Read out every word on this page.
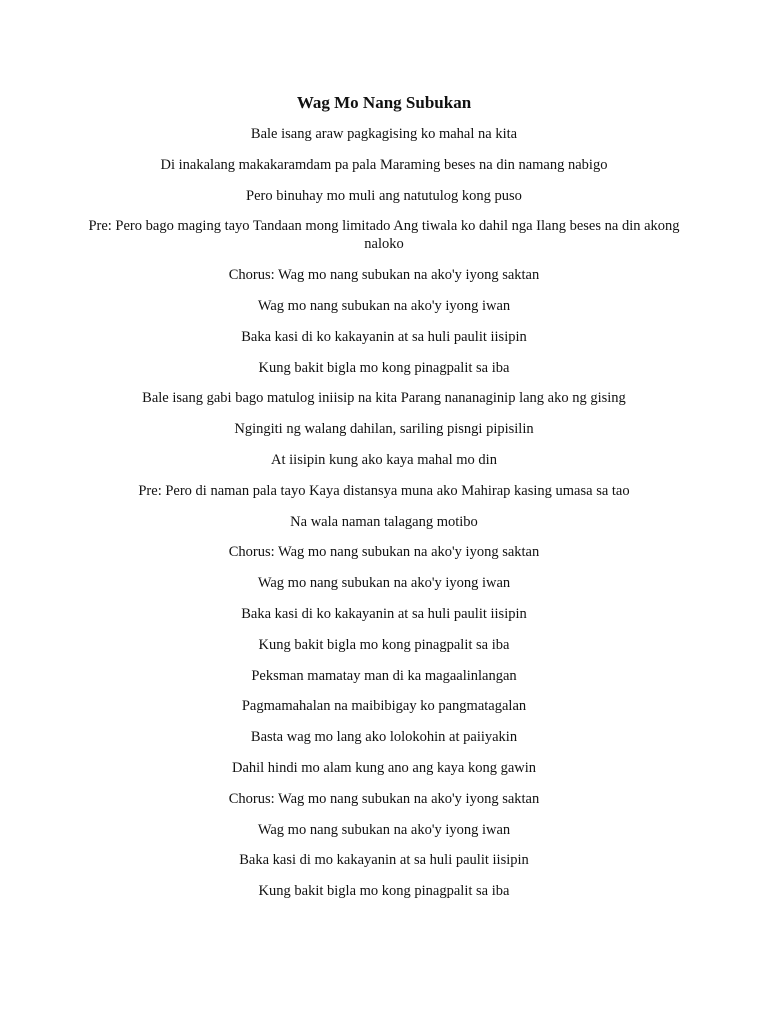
Wag Mo Nang Subukan
Bale isang araw pagkagising ko mahal na kita
Di inakalang makakaramdam pa pala Maraming beses na din namang nabigo
Pero binuhay mo muli ang natutulog kong puso
Pre: Pero bago maging tayo Tandaan mong limitado Ang tiwala ko dahil nga Ilang beses na din akong naloko
Chorus: Wag mo nang subukan na ako'y iyong saktan
Wag mo nang subukan na ako'y iyong iwan
Baka kasi di ko kakayanin at sa huli paulit iisipin
Kung bakit bigla mo kong pinagpalit sa iba
Bale isang gabi bago matulog iniisip na kita Parang nananaginip lang ako ng gising
Ngingiti ng walang dahilan, sariling pisngi pipisilin
At iisipin kung ako kaya mahal mo din
Pre: Pero di naman pala tayo Kaya distansya muna ako Mahirap kasing umasa sa tao
Na wala naman talagang motibo
Chorus: Wag mo nang subukan na ako'y iyong saktan
Wag mo nang subukan na ako'y iyong iwan
Baka kasi di ko kakayanin at sa huli paulit iisipin
Kung bakit bigla mo kong pinagpalit sa iba
Peksman mamatay man di ka magaalinlangan
Pagmamahalan na maibibigay ko pangmatagalan
Basta wag mo lang ako lolokohin at paiiyakin
Dahil hindi mo alam kung ano ang kaya kong gawin
Chorus: Wag mo nang subukan na ako'y iyong saktan
Wag mo nang subukan na ako'y iyong iwan
Baka kasi di mo kakayanin at sa huli paulit iisipin
Kung bakit bigla mo kong pinagpalit sa iba
